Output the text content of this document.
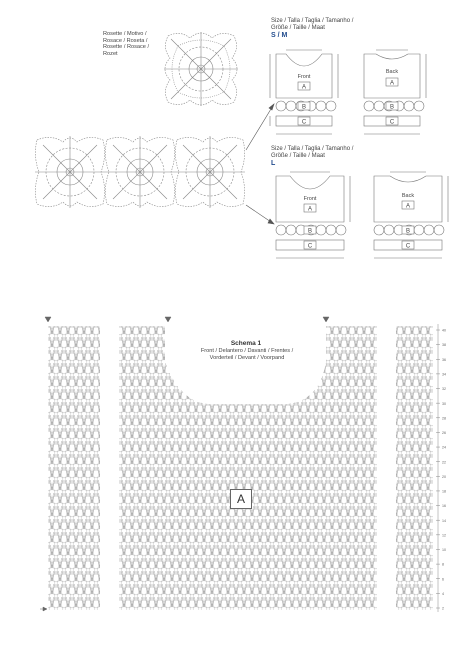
Rosette / Motivo /
Rosace / Roseta /
Rosette / Rosace /
Rozet
Size / Talla / Taglia / Tamanho /
Größe / Taille / Maat
S / M
Front
A
B
C
Back
A
B
C
Size / Talla / Taglia / Tamanho /
Größe / Taille / Maat
L
Front
A
B
C
Back
A
B
C
2
4
6
8
10
12
14
16
18
20
22
24
26
28
30
32
34
36
38
40
Schema 1
Front / Delantero / Davanti / Frentes /
Vorderteil / Devant / Voorpand
A
